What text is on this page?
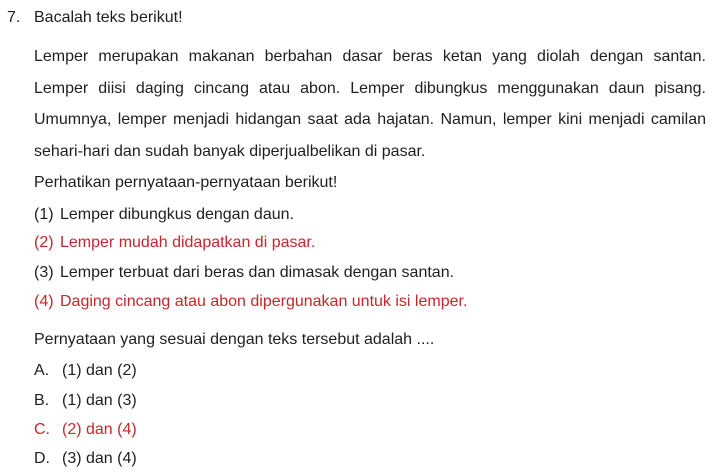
7. Bacalah teks berikut!

Lemper merupakan makanan berbahan dasar beras ketan yang diolah dengan santan. Lemper diisi daging cincang atau abon. Lemper dibungkus menggunakan daun pisang. Umumnya, lemper menjadi hidangan saat ada hajatan. Namun, lemper kini menjadi camilan sehari-hari dan sudah banyak diperjualbelikan di pasar.

Perhatikan pernyataan-pernyataan berikut!
(1) Lemper dibungkus dengan daun.
(2) Lemper mudah didapatkan di pasar.
(3) Lemper terbuat dari beras dan dimasak dengan santan.
(4) Daging cincang atau abon dipergunakan untuk isi lemper.
Pernyataan yang sesuai dengan teks tersebut adalah ....
A. (1) dan (2)
B. (1) dan (3)
C. (2) dan (4)
D. (3) dan (4)
